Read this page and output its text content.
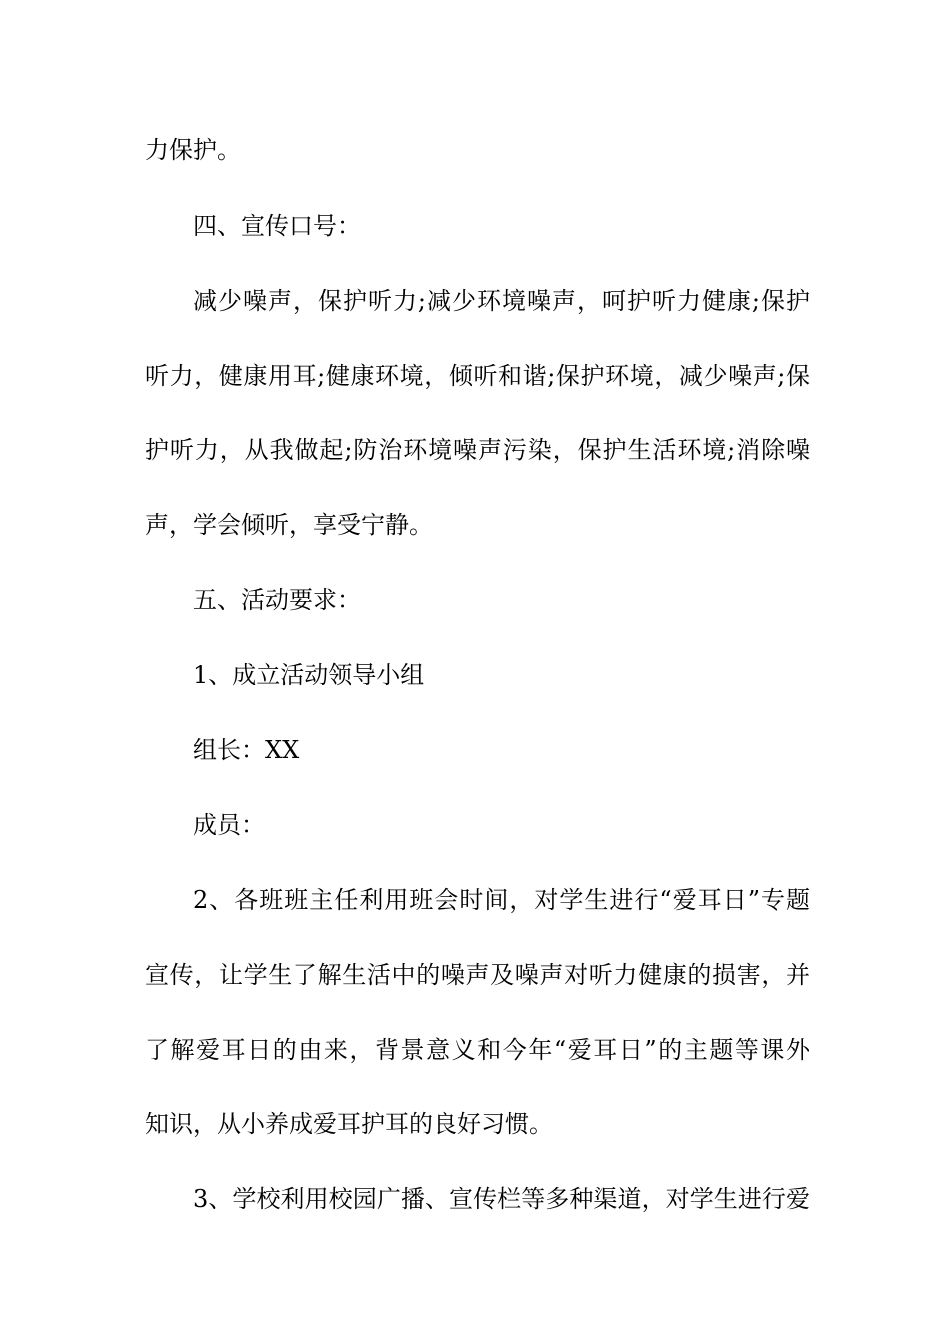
力保护。
四、宣传口号：
减少噪声，保护听力;减少环境噪声，呵护听力健康;保护
听力，健康用耳;健康环境，倾听和谐;保护环境，减少噪声;保
护听力，从我做起;防治环境噪声污染，保护生活环境;消除噪
声，学会倾听，享受宁静。
五、活动要求：
1、成立活动领导小组
组长：XX
成员：
2、各班班主任利用班会时间，对学生进行“爱耳日”专题
宣传，让学生了解生活中的噪声及噪声对听力健康的损害，并
了解爱耳日的由来，背景意义和今年“爱耳日”的主题等课外
知识，从小养成爱耳护耳的良好习惯。
3、学校利用校园广播、宣传栏等多种渠道，对学生进行爱
